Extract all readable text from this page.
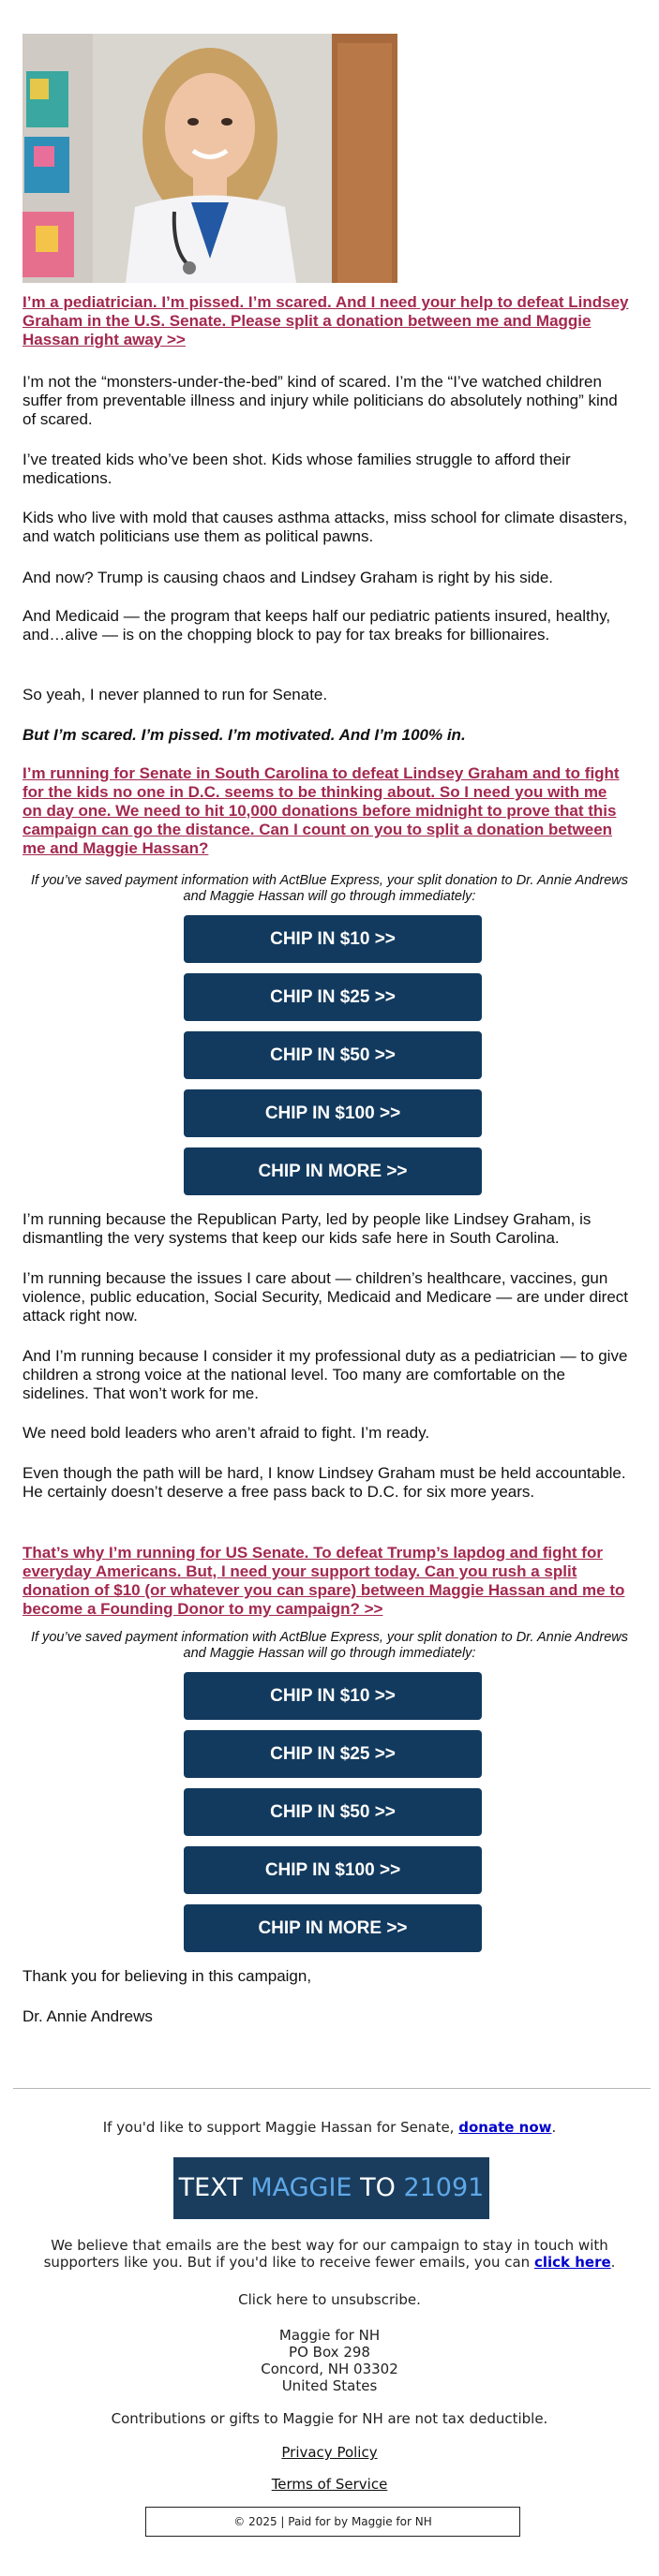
I’m a pediatrician. I’m pissed. I’m scared. And I need your help to defeat Lindsey Graham in the U.S. Senate. Please split a donation between me and Maggie Hassan right away >>

I’m not the “monsters-under-the-bed” kind of scared. I’m the “I’ve watched children suffer from preventable illness and injury while politicians do absolutely nothing” kind of scared.

I’ve treated kids who’ve been shot. Kids whose families struggle to afford their medications.

Kids who live with mold that causes asthma attacks, miss school for climate disasters, and watch politicians use them as political pawns.

And now? Trump is causing chaos and Lindsey Graham is right by his side.

And Medicaid — the program that keeps half our pediatric patients insured, healthy, and…alive — is on the chopping block to pay for tax breaks for billionaires.

So yeah, I never planned to run for Senate.

But I’m scared. I’m pissed. I’m motivated. And I’m 100% in.

I’m running for Senate in South Carolina to defeat Lindsey Graham and to fight for the kids no one in D.C. seems to be thinking about. So I need you with me on day one. We need to hit 10,000 donations before midnight to prove that this campaign can go the distance. Can I count on you to split a donation between me and Maggie Hassan?

If you’ve saved payment information with ActBlue Express, your split donation to Dr. Annie Andrews and Maggie Hassan will go through immediately:

CHIP IN $10 >>
CHIP IN $25 >>
CHIP IN $50 >>
CHIP IN $100 >>
CHIP IN MORE >>

I’m running because the Republican Party, led by people like Lindsey Graham, is dismantling the very systems that keep our kids safe here in South Carolina.

I’m running because the issues I care about — children’s healthcare, vaccines, gun violence, public education, Social Security, Medicaid and Medicare — are under direct attack right now.

And I’m running because I consider it my professional duty as a pediatrician — to give children a strong voice at the national level. Too many are comfortable on the sidelines. That won’t work for me.

We need bold leaders who aren’t afraid to fight. I’m ready.

Even though the path will be hard, I know Lindsey Graham must be held accountable. He certainly doesn’t deserve a free pass back to D.C. for six more years.

That’s why I’m running for US Senate. To defeat Trump’s lapdog and fight for everyday Americans. But, I need your support today. Can you rush a split donation of $10 (or whatever you can spare) between Maggie Hassan and me to become a Founding Donor to my campaign? >>

If you’ve saved payment information with ActBlue Express, your split donation to Dr. Annie Andrews and Maggie Hassan will go through immediately:

CHIP IN $10 >>
CHIP IN $25 >>
CHIP IN $50 >>
CHIP IN $100 >>
CHIP IN MORE >>

Thank you for believing in this campaign,

Dr. Annie Andrews

If you'd like to support Maggie Hassan for Senate, donate now.

TEXT MAGGIE TO 21091

We believe that emails are the best way for our campaign to stay in touch with supporters like you. But if you'd like to receive fewer emails, you can click here.

Click here to unsubscribe.

Maggie for NH

PO Box 298

Concord, NH 03302

United States

Contributions or gifts to Maggie for NH are not tax deductible.

Privacy Policy

Terms of Service

© 2025 | Paid for by Maggie for NH
